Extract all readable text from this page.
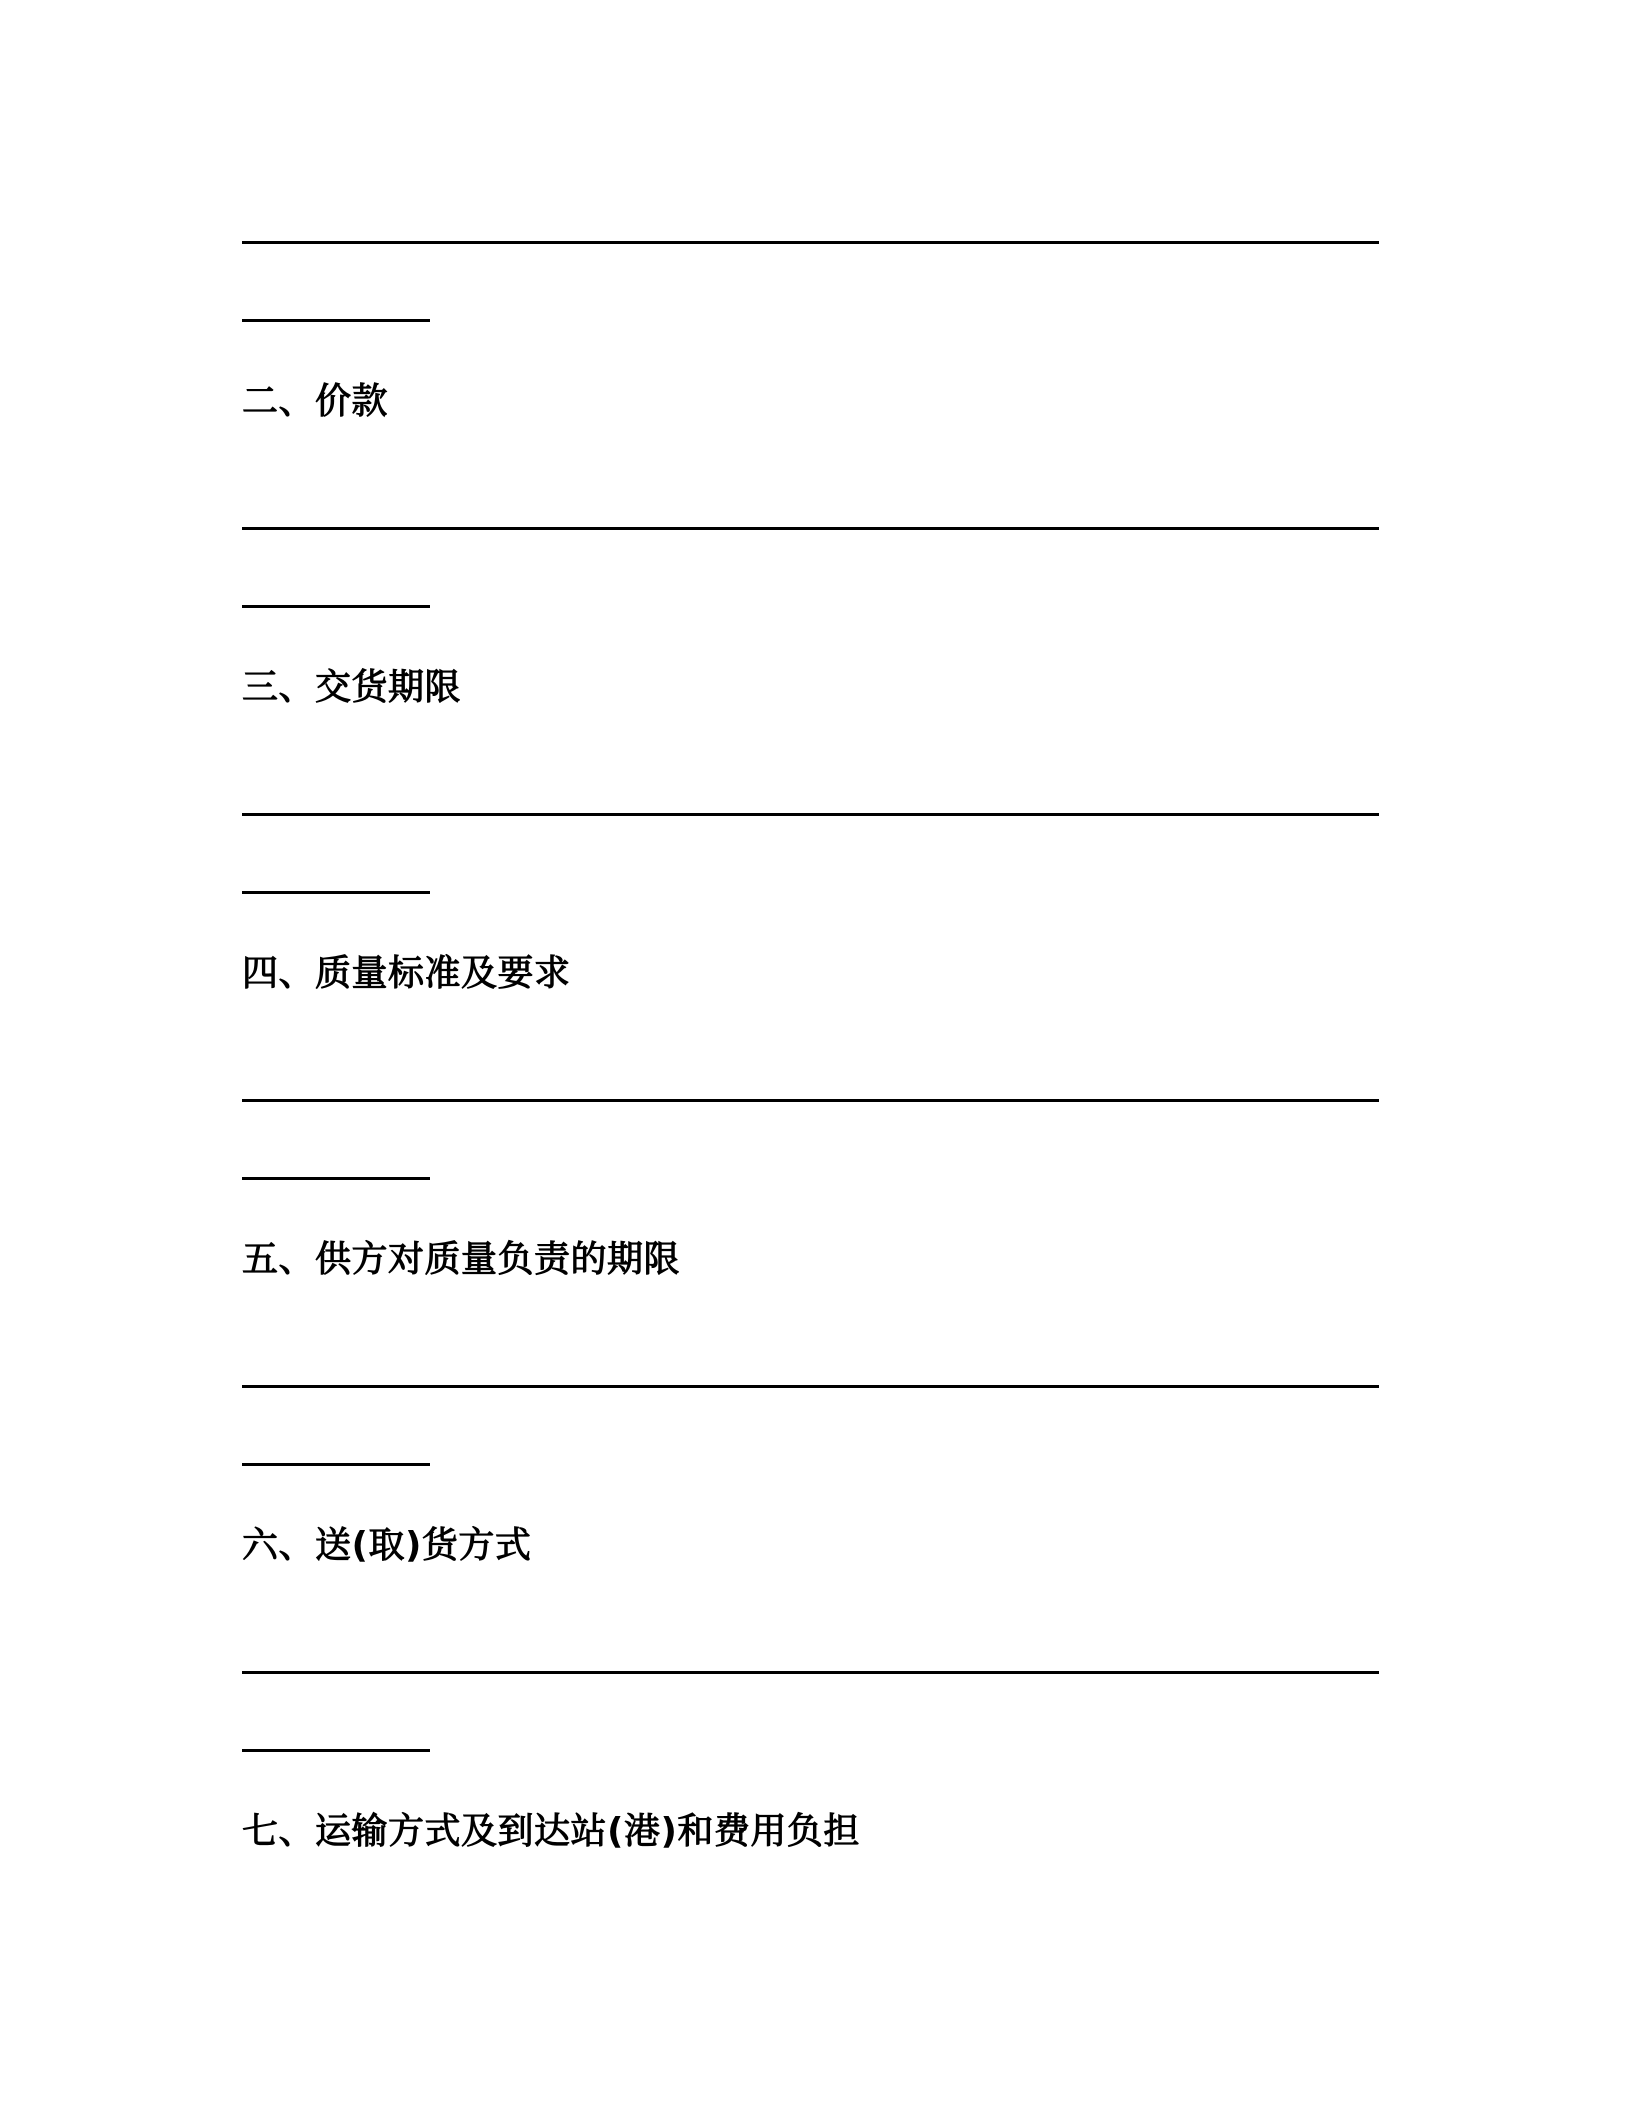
二、价款
三、交货期限
四、质量标准及要求
五、供方对质量负责的期限
六、送(取)货方式
七、运输方式及到达站(港)和费用负担
